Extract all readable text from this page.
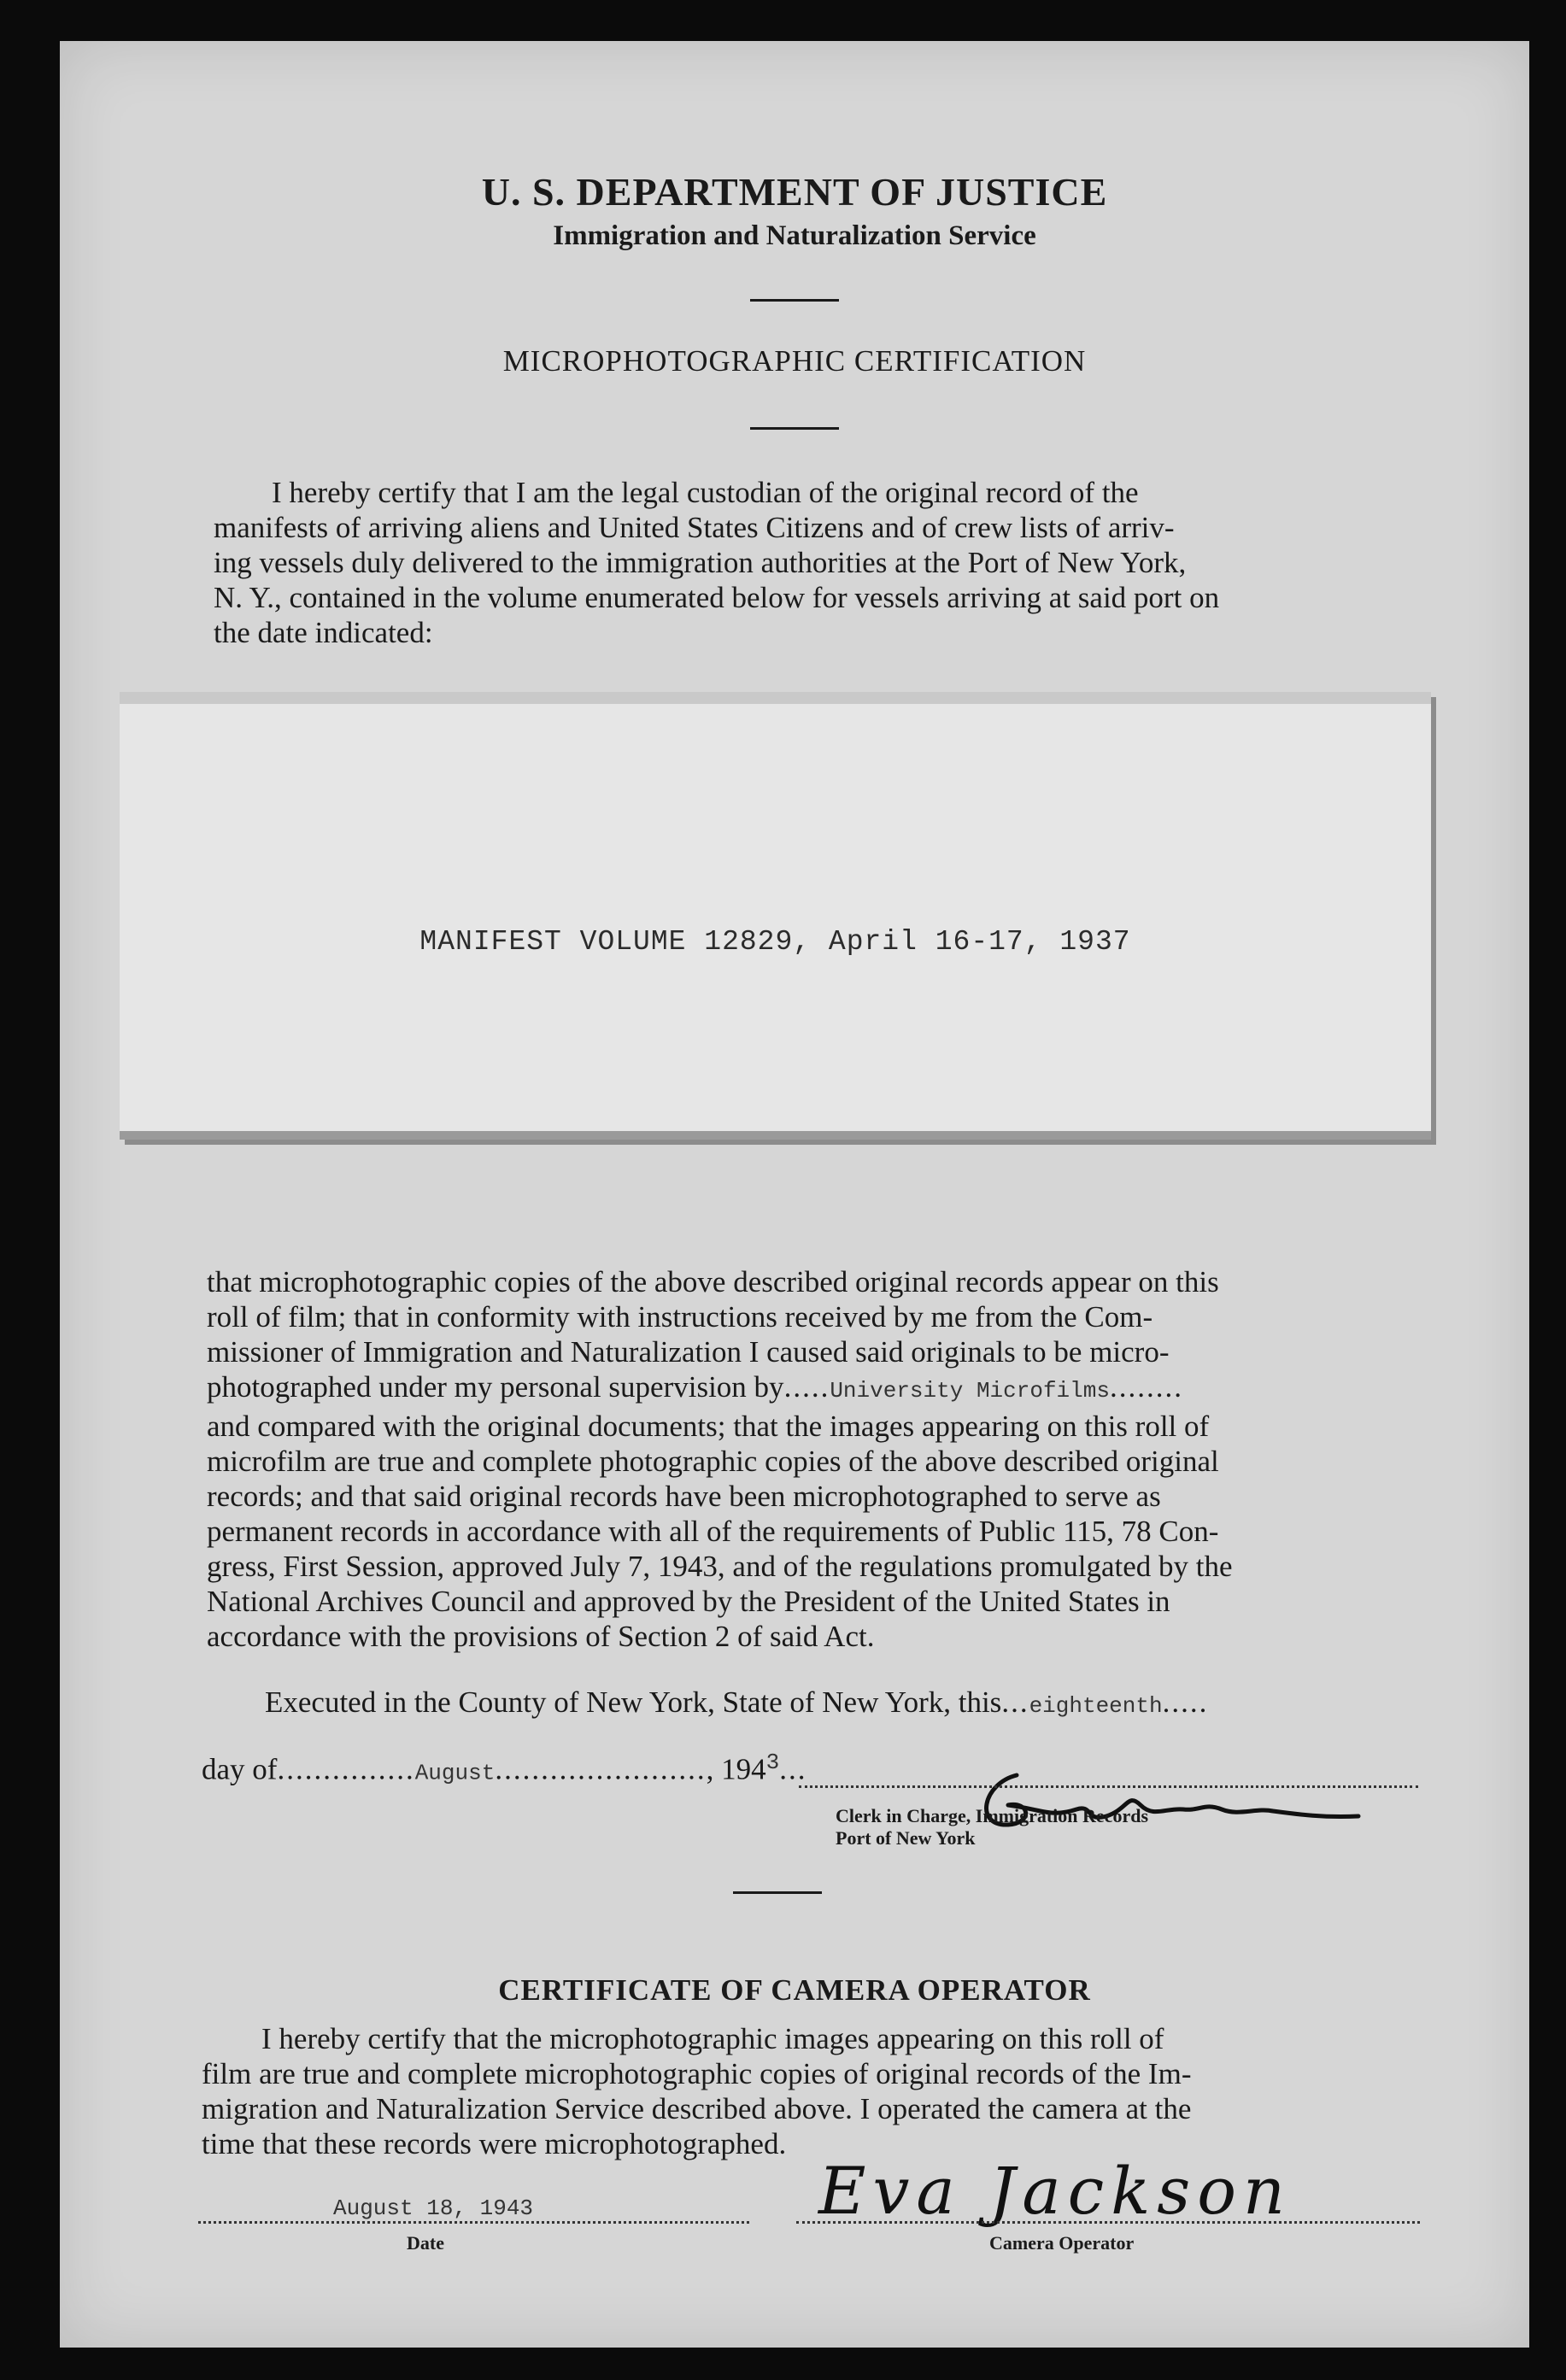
U. S. DEPARTMENT OF JUSTICE
Immigration and Naturalization Service
MICROPHOTOGRAPHIC CERTIFICATION
I hereby certify that I am the legal custodian of the original record of the
manifests of arriving aliens and United States Citizens and of crew lists of arriv-
ing vessels duly delivered to the immigration authorities at the Port of New York,
N. Y., contained in the volume enumerated below for vessels arriving at said port on
the date indicated:
MANIFEST VOLUME 12829, April 16-17, 1937
that microphotographic copies of the above described original records appear on this
roll of film; that in conformity with instructions received by me from the Com-
missioner of Immigration and Naturalization I caused said originals to be micro-
photographed under my personal supervision by.....University Microfilms........
and compared with the original documents; that the images appearing on this roll of
microfilm are true and complete photographic copies of the above described original
records; and that said original records have been microphotographed to serve as
permanent records in accordance with all of the requirements of Public 115, 78 Con-
gress, First Session, approved July 7, 1943, and of the regulations promulgated by the
National Archives Council and approved by the President of the United States in
accordance with the provisions of Section 2 of said Act.
Executed in the County of New York, State of New York, this...eighteenth.....
day of...............August......................., $194^3$...
Clerk in Charge, Immigration Records
Port of New York
CERTIFICATE OF CAMERA OPERATOR
I hereby certify that the microphotographic images appearing on this roll of
film are true and complete microphotographic copies of original records of the Im-
migration and Naturalization Service described above. I operated the camera at the
time that these records were microphotographed.
August 18, 1943
Date
Eva Jackson
Camera Operator
